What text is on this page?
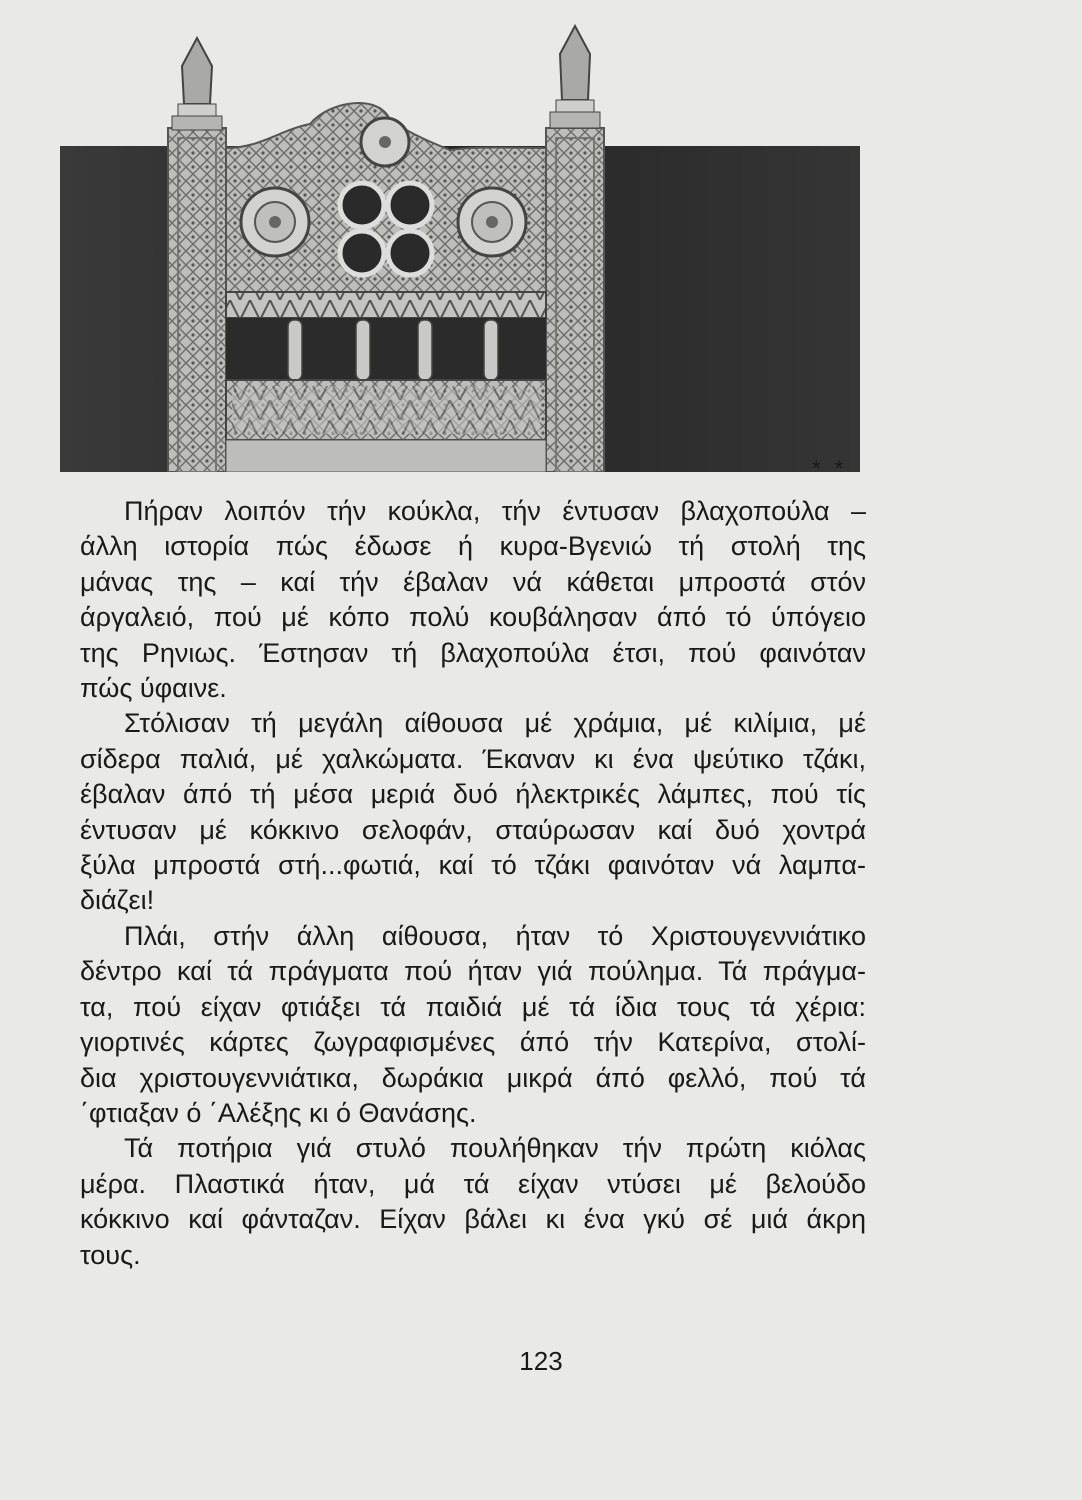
* *

Πήραν λοιπόν τήν κούκλα, τήν έντυσαν βλαχοπούλα –
άλλη ιστορία πώς έδωσε ή κυρα-Βγενιώ τή στολή της
μάνας της – καί τήν έβαλαν νά κάθεται μπροστά στόν
άργαλειό, πού μέ κόπο πολύ κουβάλησαν άπό τό ύπόγειο
της Ρηνιως. Έστησαν τή βλαχοπούλα έτσι, πού φαινόταν
πώς ύφαινε.

Στόλισαν τή μεγάλη αίθουσα μέ χράμια, μέ κιλίμια, μέ
σίδερα παλιά, μέ χαλκώματα. Έκαναν κι ένα ψεύτικο τζάκι,
έβαλαν άπό τή μέσα μεριά δυό ήλεκτρικές λάμπες, πού τίς
έντυσαν μέ κόκκινο σελοφάν, σταύρωσαν καί δυό χοντρά
ξύλα μπροστά στή...φωτιά, καί τό τζάκι φαινόταν νά λαμπα-
διάζει!

Πλάι, στήν άλλη αίθουσα, ήταν τό Χριστουγεννιάτικο
δέντρο καί τά πράγματα πού ήταν γιά πούλημα. Τά πράγμα-
τα, πού είχαν φτιάξει τά παιδιά μέ τά ίδια τους τά χέρια:
γιορτινές κάρτες ζωγραφισμένες άπό τήν Κατερίνα, στολί-
δια χριστουγεννιάτικα, δωράκια μικρά άπό φελλό, πού τά
΄φτιαξαν ό ΄Αλέξης κι ό Θανάσης.

Τά ποτήρια γιά στυλό πουλήθηκαν τήν πρώτη κιόλας
μέρα. Πλαστικά ήταν, μά τά είχαν ντύσει μέ βελούδο
κόκκινο καί φάνταζαν. Είχαν βάλει κι ένα γκύ σέ μιά άκρη
τους.

123
